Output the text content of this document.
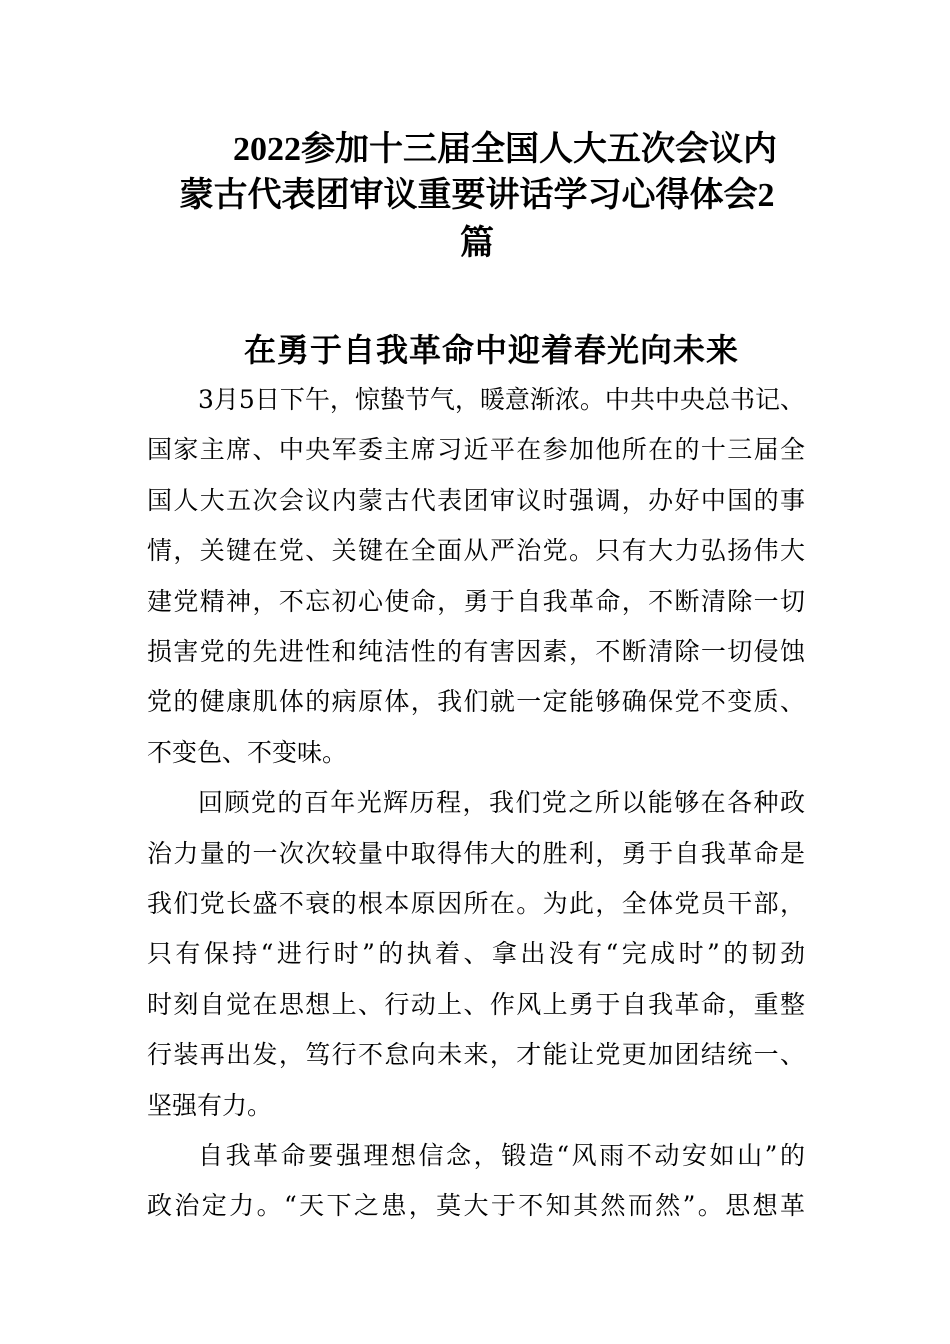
2022参加十三届全国人大五次会议内
蒙古代表团审议重要讲话学习心得体会2
篇
在勇于自我革命中迎着春光向未来
3月5日下午，惊蛰节气，暖意渐浓。中共中央总书记、
国家主席、中央军委主席习近平在参加他所在的十三届全
国人大五次会议内蒙古代表团审议时强调，办好中国的事
情，关键在党、关键在全面从严治党。只有大力弘扬伟大
建党精神，不忘初心使命，勇于自我革命，不断清除一切
损害党的先进性和纯洁性的有害因素，不断清除一切侵蚀
党的健康肌体的病原体，我们就一定能够确保党不变质、
不变色、不变味。
回顾党的百年光辉历程，我们党之所以能够在各种政
治力量的一次次较量中取得伟大的胜利，勇于自我革命是
我们党长盛不衰的根本原因所在。为此，全体党员干部，
只有保持“进行时”的执着、拿出没有“完成时”的韧劲
时刻自觉在思想上、行动上、作风上勇于自我革命，重整
行装再出发，笃行不怠向未来，才能让党更加团结统一、
坚强有力。
自我革命要强理想信念，锻造“风雨不动安如山”的
政治定力。“天下之患，莫大于不知其然而然”。思想革
